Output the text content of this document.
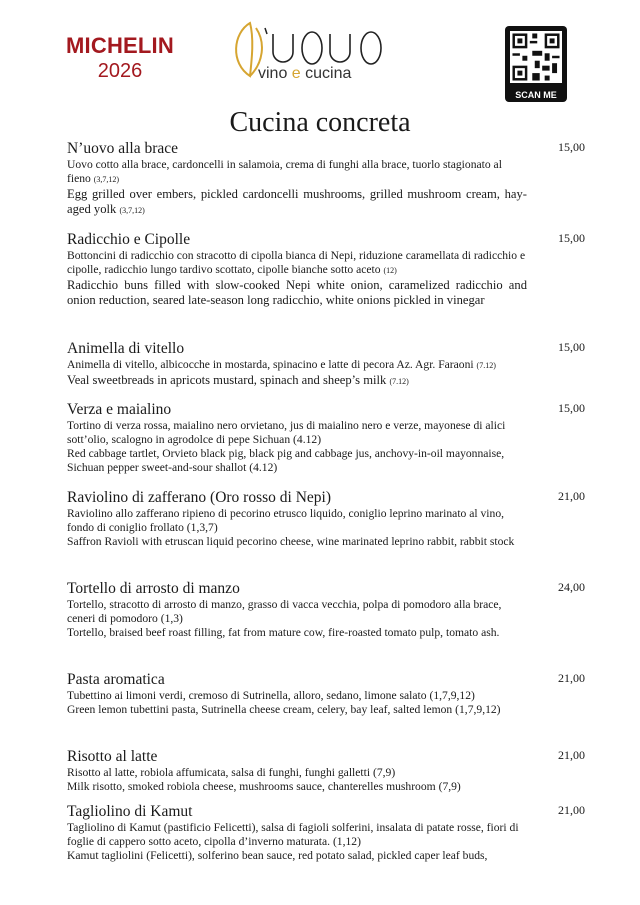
MICHELIN
2026	vino e cucina
SCAN ME
Cucina concreta
N’uovo alla brace
Uovo cotto alla brace, cardoncelli in salamoia, crema di funghi alla brace, tuorlo stagionato al fieno (3,7,12)
Egg grilled over embers, pickled cardoncelli mushrooms, grilled mushroom cream, hay-aged yolk (3,7,12)
15,00
Radicchio e Cipolle
Bottoncini di radicchio con stracotto di cipolla bianca di Nepi, riduzione caramellata di radicchio e cipolle, radicchio lungo tardivo scottato, cipolle bianche sotto aceto (12)
Radicchio buns filled with slow-cooked Nepi white onion, caramelized radicchio and onion reduction, seared late-season long radicchio, white onions pickled in vinegar
15,00
Animella di vitello
Animella di vitello, albicocche in mostarda, spinacino e latte di pecora Az. Agr. Faraoni (7.12)
Veal sweetbreads in apricots mustard, spinach and sheep’s milk (7.12)
15,00
Verza e maialino
Tortino di verza rossa, maialino nero orvietano, jus di maialino nero e verze, mayonese di alici sott’olio, scalogno in agrodolce di pepe Sichuan (4.12)
Red cabbage tartlet, Orvieto black pig, black pig and cabbage jus, anchovy-in-oil mayonnaise, Sichuan pepper sweet-and-sour shallot (4.12)
15,00
Raviolino di zafferano (Oro rosso di Nepi)
Raviolino allo zafferano ripieno di pecorino etrusco liquido, coniglio leprino marinato al vino, fondo di coniglio frollato (1,3,7)
Saffron Ravioli with etruscan liquid pecorino cheese, wine marinated leprino rabbit, rabbit stock
21,00
Tortello di arrosto di manzo
Tortello, stracotto di arrosto di manzo, grasso di vacca vecchia, polpa di pomodoro alla brace, ceneri di pomodoro (1,3)
Tortello, braised beef roast filling, fat from mature cow, fire-roasted tomato pulp, tomato ash.
24,00
Pasta aromatica
Tubettino ai limoni verdi, cremoso di Sutrinella, alloro, sedano, limone salato (1,7,9,12)
Green lemon tubettini pasta, Sutrinella cheese cream, celery, bay leaf, salted lemon (1,7,9,12)
21,00
Risotto al latte
Risotto al latte, robiola affumicata, salsa di funghi, funghi galletti (7,9)
Milk risotto, smoked robiola cheese, mushrooms sauce, chanterelles mushroom (7,9)
21,00
Tagliolino di Kamut
Tagliolino di Kamut (pastificio Felicetti), salsa di fagioli solferini, insalata di patate rosse, fiori di foglie di cappero sotto aceto, cipolla d’inverno maturata. (1,12)
Kamut tagliolini (Felicetti), solferino bean sauce, red potato salad, pickled caper leaf buds,
21,00
